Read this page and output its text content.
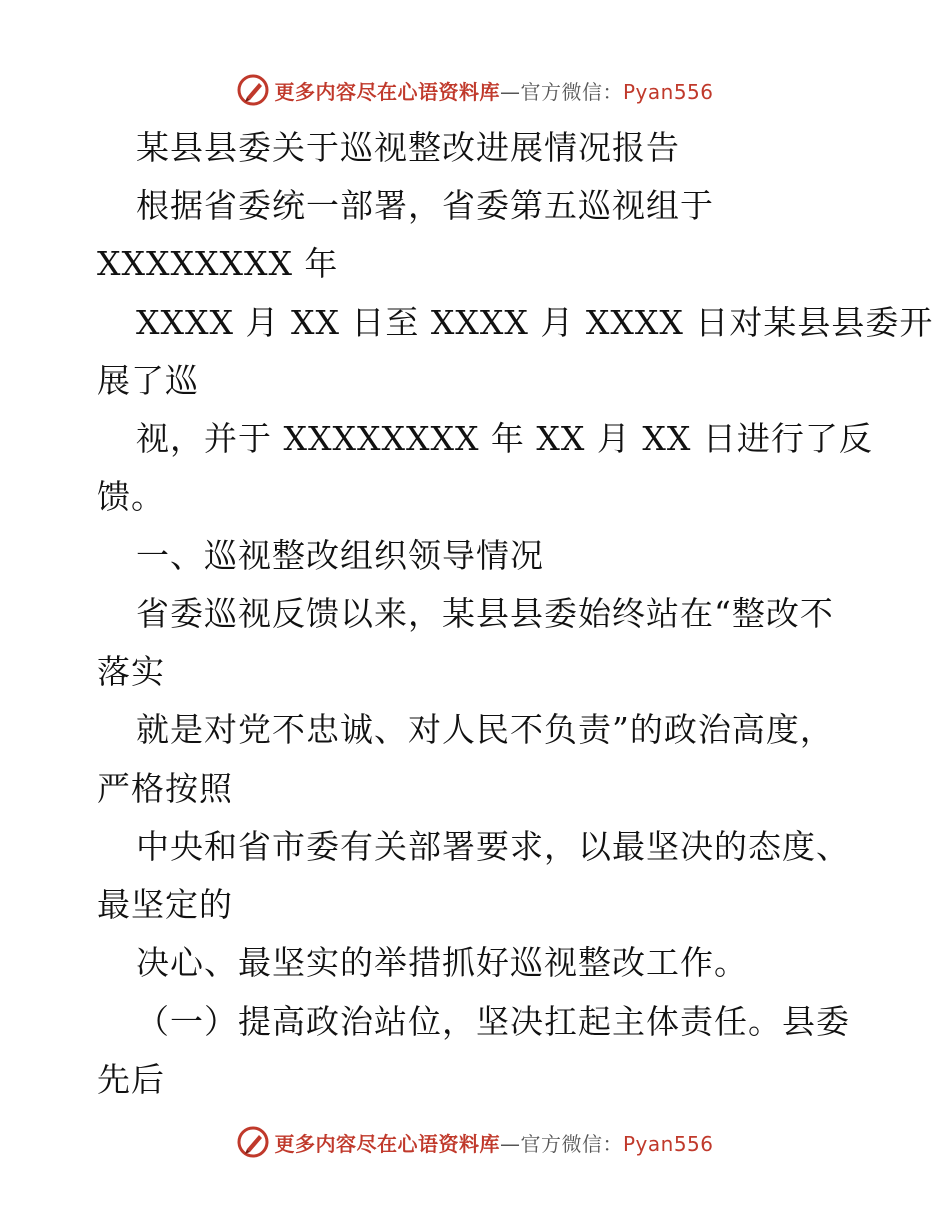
更多内容尽在心语资料库—官方微信：Pyan556
某县县委关于巡视整改进展情况报告
根据省委统一部署，省委第五巡视组于
XXXXXXXX 年
XXXX 月 XX 日至 XXXX 月 XXXX 日对某县县委开
展了巡
视，并于 XXXXXXXX 年 XX 月 XX 日进行了反
馈。
一、巡视整改组织领导情况
省委巡视反馈以来，某县县委始终站在“整改不
落实
就是对党不忠诚、对人民不负责”的政治高度，
严格按照
中央和省市委有关部署要求，以最坚决的态度、
最坚定的
决心、最坚实的举措抓好巡视整改工作。
（一）提高政治站位，坚决扛起主体责任。县委
先后
更多内容尽在心语资料库—官方微信：Pyan556
